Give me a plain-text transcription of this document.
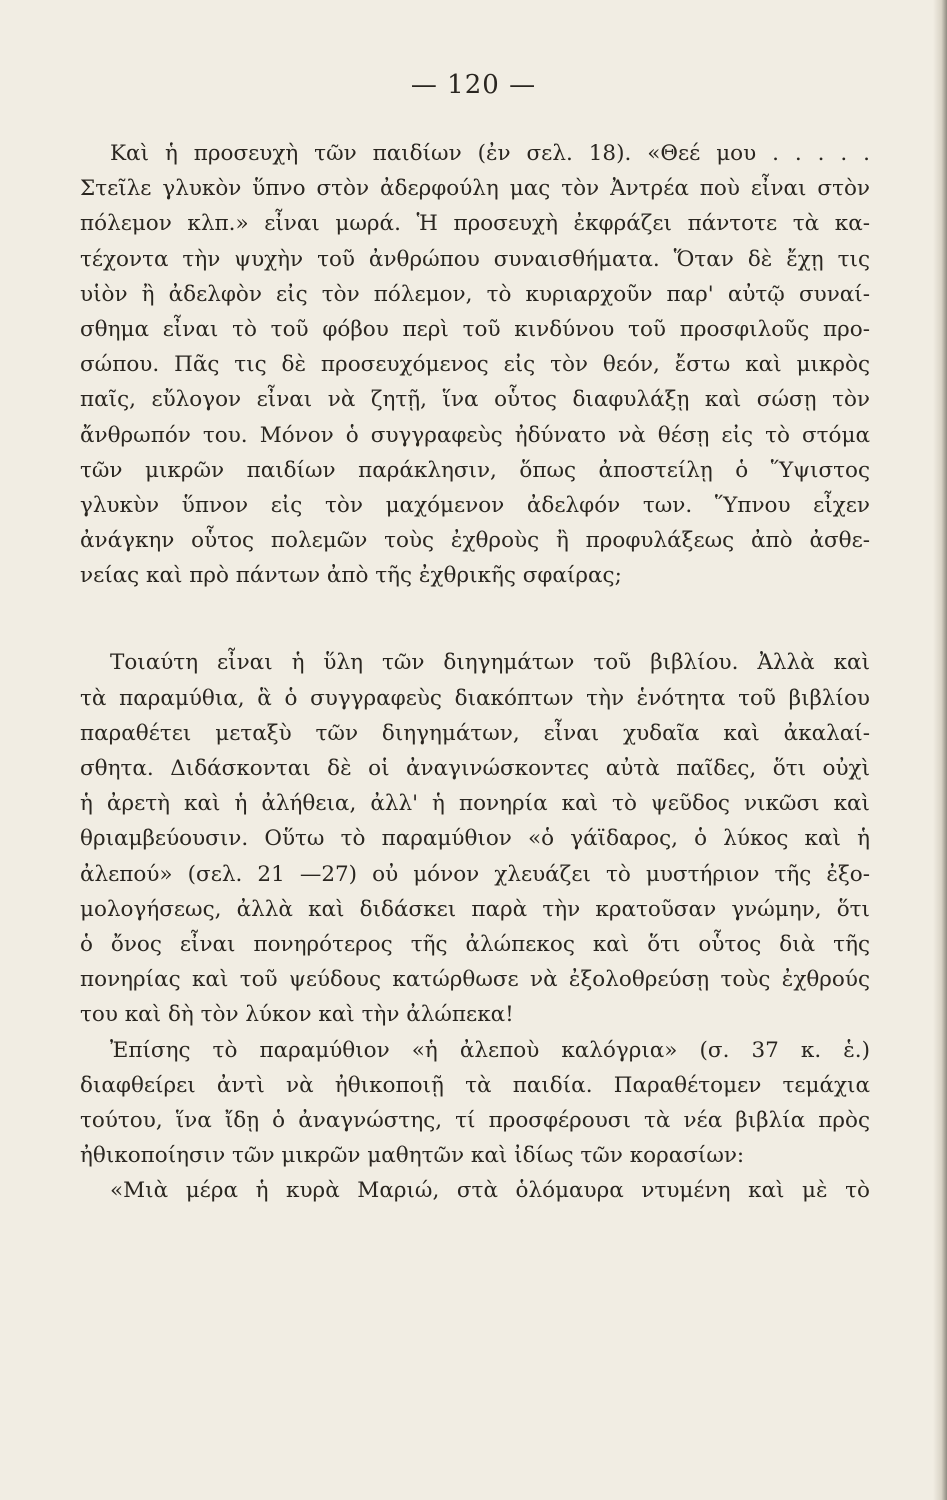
— 120 —
Καὶ ἡ προσευχὴ τῶν παιδίων (ἐν σελ. 18). «Θεέ μου . . . . .
Στεῖλε γλυκὸν ὕπνο στὸν ἀδερφούλη μας τὸν Ἀντρέα ποὺ εἶναι στὸν
πόλεμον κλπ.» εἶναι μωρά. Ἡ προσευχὴ ἐκφράζει πάντοτε τὰ κα-
τέχοντα τὴν ψυχὴν τοῦ ἀνθρώπου συναισθήματα. Ὅταν δὲ ἔχῃ τις
υἱὸν ἢ ἀδελφὸν εἰς τὸν πόλεμον, τὸ κυριαρχοῦν παρ' αὐτῷ συναί-
σθημα εἶναι τὸ τοῦ φόβου περὶ τοῦ κινδύνου τοῦ προσφιλοῦς προ-
σώπου. Πᾶς τις δὲ προσευχόμενος εἰς τὸν θεόν, ἔστω καὶ μικρὸς
παῖς, εὔλογον εἶναι νὰ ζητῇ, ἵνα οὗτος διαφυλάξῃ καὶ σώσῃ τὸν
ἄνθρωπόν του. Μόνον ὁ συγγραφεὺς ἠδύνατο νὰ θέσῃ εἰς τὸ στόμα
τῶν μικρῶν παιδίων παράκλησιν, ὅπως ἀποστείλῃ ὁ Ὕψιστος
γλυκὺν ὕπνον εἰς τὸν μαχόμενον ἀδελφόν των. Ὕπνου εἶχεν
ἀνάγκην οὗτος πολεμῶν τοὺς ἐχθροὺς ἢ προφυλάξεως ἀπὸ ἀσθε-
νείας καὶ πρὸ πάντων ἀπὸ τῆς ἐχθρικῆς σφαίρας;
Τοιαύτη εἶναι ἡ ὕλη τῶν διηγημάτων τοῦ βιβλίου. Ἀλλὰ καὶ
τὰ παραμύθια, ἃ ὁ συγγραφεὺς διακόπτων τὴν ἑνότητα τοῦ βιβλίου
παραθέτει μεταξὺ τῶν διηγημάτων, εἶναι χυδαῖα καὶ ἀκαλαί-
σθητα. Διδάσκονται δὲ οἱ ἀναγινώσκοντες αὐτὰ παῖδες, ὅτι οὐχὶ
ἡ ἀρετὴ καὶ ἡ ἀλήθεια, ἀλλ' ἡ πονηρία καὶ τὸ ψεῦδος νικῶσι καὶ
θριαμβεύουσιν. Οὕτω τὸ παραμύθιον «ὁ γάϊδαρος, ὁ λύκος καὶ ἡ
ἀλεπού» (σελ. 21 —27) οὐ μόνον χλευάζει τὸ μυστήριον τῆς ἐξο-
μολογήσεως, ἀλλὰ καὶ διδάσκει παρὰ τὴν κρατοῦσαν γνώμην, ὅτι
ὁ ὄνος εἶναι πονηρότερος τῆς ἀλώπεκος καὶ ὅτι οὗτος διὰ τῆς
πονηρίας καὶ τοῦ ψεύδους κατώρθωσε νὰ ἐξολοθρεύσῃ τοὺς ἐχθρούς
του καὶ δὴ τὸν λύκον καὶ τὴν ἀλώπεκα!
Ἐπίσης τὸ παραμύθιον «ἡ ἀλεποὺ καλόγρια» (σ. 37 κ. ἑ.)
διαφθείρει ἀντὶ νὰ ἠθικοποιῇ τὰ παιδία. Παραθέτομεν τεμάχια
τούτου, ἵνα ἴδῃ ὁ ἀναγνώστης, τί προσφέρουσι τὰ νέα βιβλία πρὸς
ἠθικοποίησιν τῶν μικρῶν μαθητῶν καὶ ἰδίως τῶν κορασίων:
«Μιὰ μέρα ἡ κυρὰ Μαριώ, στὰ ὁλόμαυρα ντυμένη καὶ μὲ τὸ
